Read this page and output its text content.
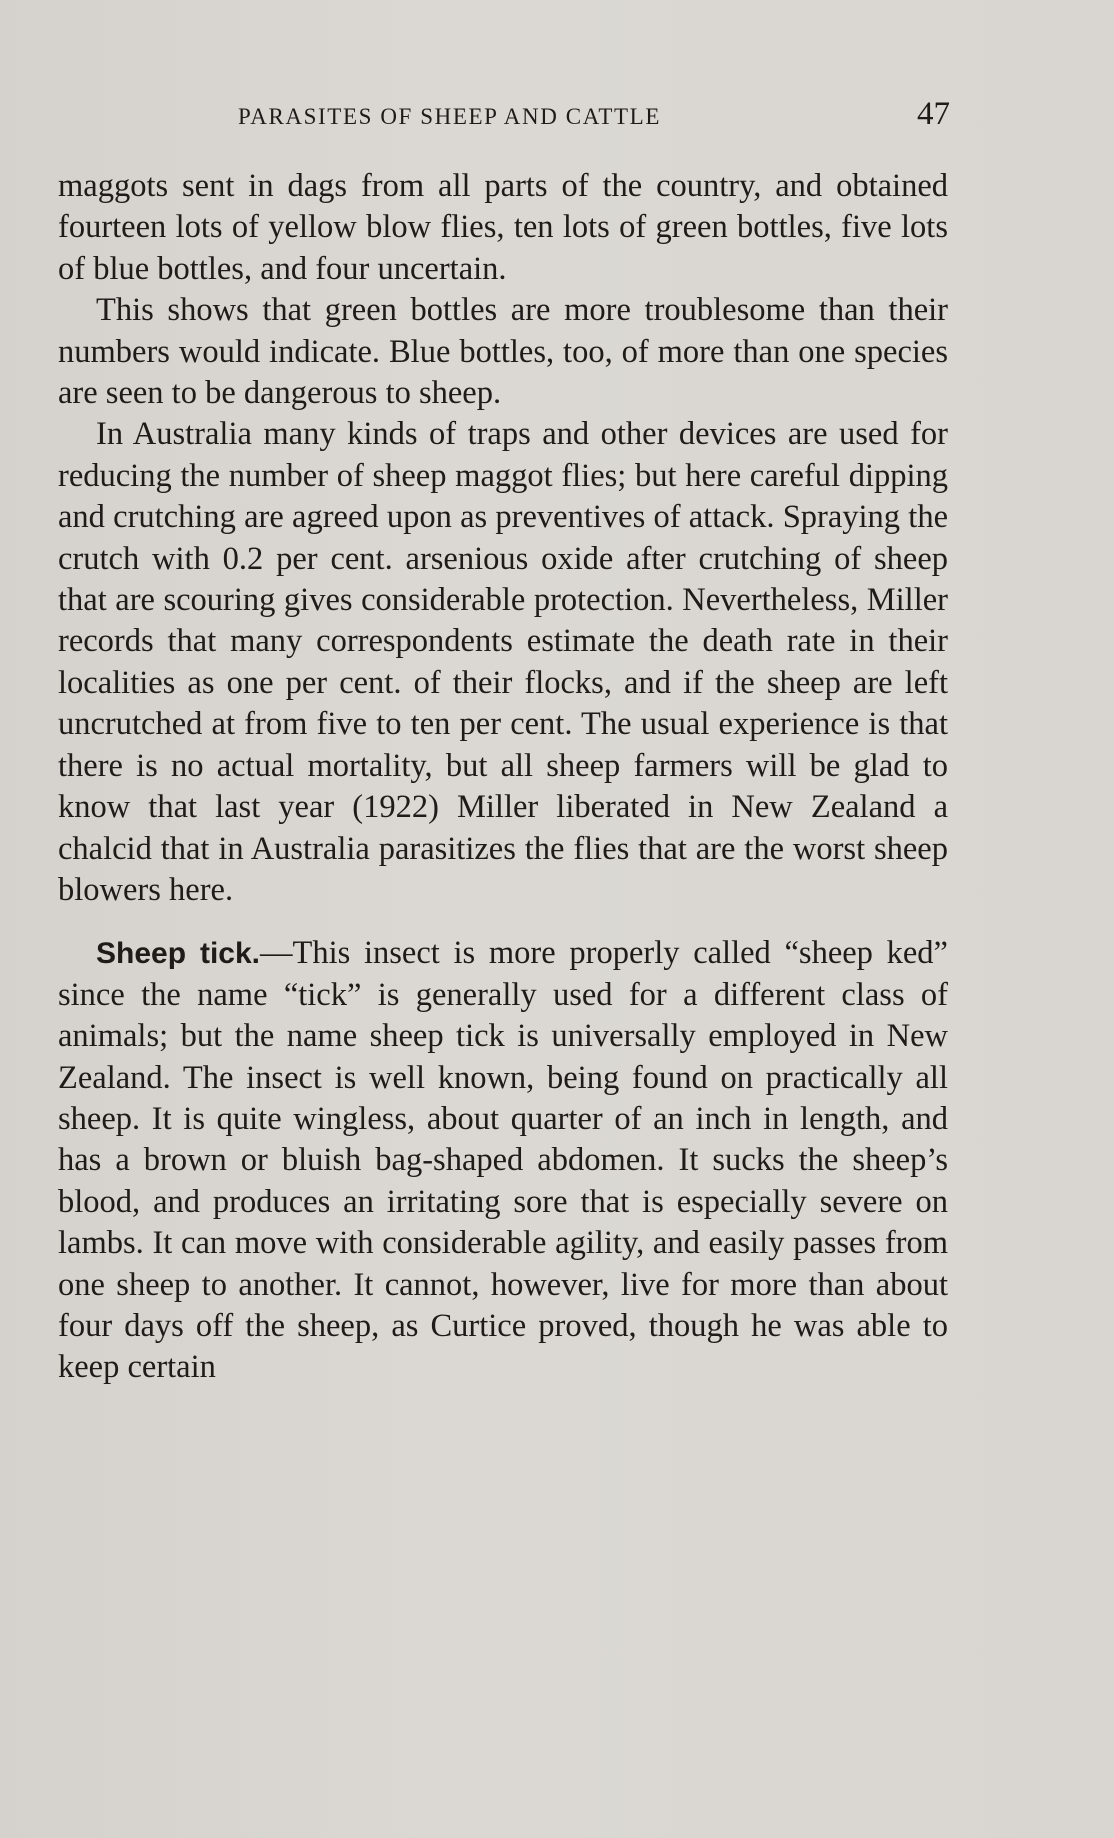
PARASITES OF SHEEP AND CATTLE	47

maggots sent in dags from all parts of the country, and obtained fourteen lots of yellow blow flies, ten lots of green bottles, five lots of blue bottles, and four uncertain.

This shows that green bottles are more troublesome than their numbers would indicate. Blue bottles, too, of more than one species are seen to be dangerous to sheep.

In Australia many kinds of traps and other devices are used for reducing the number of sheep maggot flies; but here careful dipping and crutching are agreed upon as preventives of attack. Spraying the crutch with 0.2 per cent. arsenious oxide after crutching of sheep that are scouring gives considerable protection. Nevertheless, Miller records that many correspondents estimate the death rate in their localities as one per cent. of their flocks, and if the sheep are left uncrutched at from five to ten per cent. The usual experience is that there is no actual mortality, but all sheep farmers will be glad to know that last year (1922) Miller liberated in New Zealand a chalcid that in Australia parasitizes the flies that are the worst sheep blowers here.

Sheep tick.—This insect is more properly called “sheep ked” since the name “tick” is generally used for a different class of animals; but the name sheep tick is universally employed in New Zealand. The insect is well known, being found on practically all sheep. It is quite wingless, about quarter of an inch in length, and has a brown or bluish bag-shaped abdomen. It sucks the sheep’s blood, and produces an irritating sore that is especially severe on lambs. It can move with considerable agility, and easily passes from one sheep to another. It cannot, however, live for more than about four days off the sheep, as Curtice proved, though he was able to keep certain
